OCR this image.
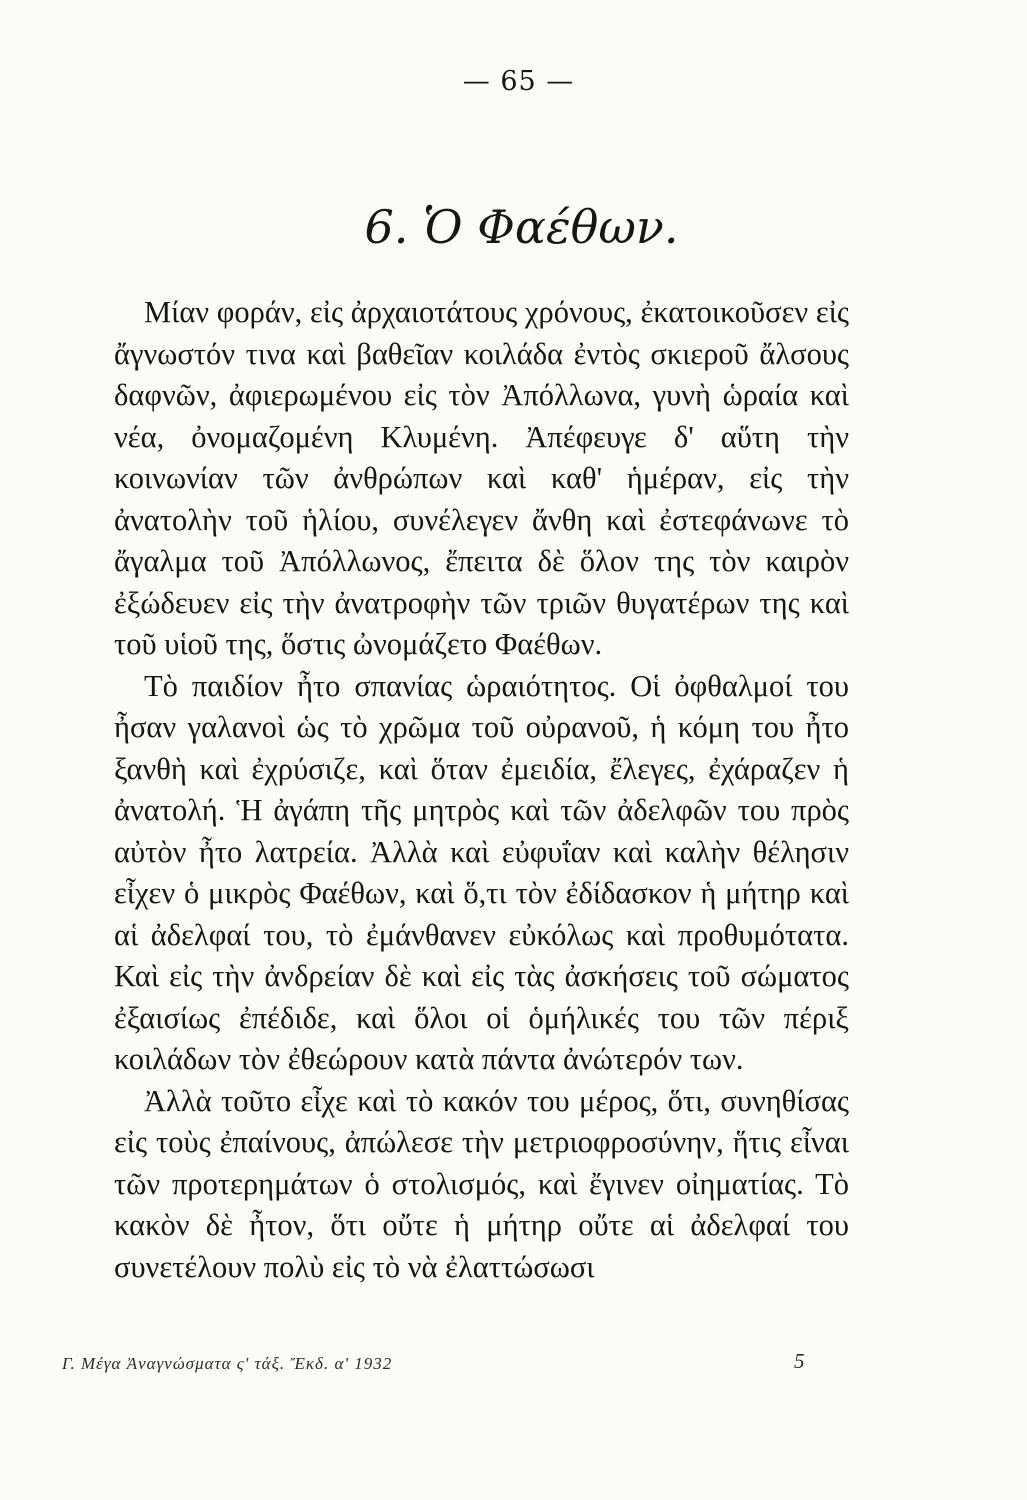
— 65 —
6. Ὁ Φαέθων.

Μίαν φοράν, εἰς ἀρχαιοτάτους χρόνους, ἐκατοικοῦσεν εἰς ἄγνωστόν τινα καὶ βαθεῖαν κοιλάδα ἐντὸς σκιεροῦ ἄλσους δαφνῶν, ἀφιερωμένου εἰς τὸν Ἀπόλλωνα, γυνὴ ὡραία καὶ νέα, ὀνομαζομένη Κλυμένη. Ἀπέφευγε δ' αὕτη τὴν κοινωνίαν τῶν ἀνθρώπων καὶ καθ' ἡμέραν, εἰς τὴν ἀνατολὴν τοῦ ἡλίου, συνέλεγεν ἄνθη καὶ ἐστεφάνωνε τὸ ἄγαλμα τοῦ Ἀπόλλωνος, ἔπειτα δὲ ὅλον της τὸν καιρὸν ἐξώδευεν εἰς τὴν ἀνατροφὴν τῶν τριῶν θυγατέρων της καὶ τοῦ υἱοῦ της, ὅστις ὠνομάζετο Φαέθων.

Τὸ παιδίον ἦτο σπανίας ὡραιότητος. Οἱ ὀφθαλμοί του ἦσαν γαλανοὶ ὡς τὸ χρῶμα τοῦ οὐρανοῦ, ἡ κόμη του ἦτο ξανθὴ καὶ ἐχρύσιζε, καὶ ὅταν ἐμειδία, ἔλεγες, ἐχάραζεν ἡ ἀνατολή. Ἡ ἀγάπη τῆς μητρὸς καὶ τῶν ἀδελφῶν του πρὸς αὐτὸν ἦτο λατρεία. Ἀλλὰ καὶ εὐφυΐαν καὶ καλὴν θέλησιν εἶχεν ὁ μικρὸς Φαέθων, καὶ ὅ,τι τὸν ἐδίδασκον ἡ μήτηρ καὶ αἱ ἀδελφαί του, τὸ ἐμάνθανεν εὐκόλως καὶ προθυμότατα. Καὶ εἰς τὴν ἀνδρείαν δὲ καὶ εἰς τὰς ἀσκήσεις τοῦ σώματος ἐξαισίως ἐπέδιδε, καὶ ὅλοι οἱ ὁμήλικές του τῶν πέριξ κοιλάδων τὸν ἐθεώρουν κατὰ πάντα ἀνώτερόν των.

Ἀλλὰ τοῦτο εἶχε καὶ τὸ κακόν του μέρος, ὅτι, συνηθίσας εἰς τοὺς ἐπαίνους, ἀπώλεσε τὴν μετριοφροσύνην, ἥτις εἶναι τῶν προτερημάτων ὁ στολισμός, καὶ ἔγινεν οἰηματίας. Τὸ κακὸν δὲ ἦτον, ὅτι οὔτε ἡ μήτηρ οὔτε αἱ ἀδελφαί του συνετέλουν πολὺ εἰς τὸ νὰ ἐλαττώσωσι

Γ. Μέγα Ἀναγνώσματα ς' τάξ. Ἔκδ. α' 1932	5
